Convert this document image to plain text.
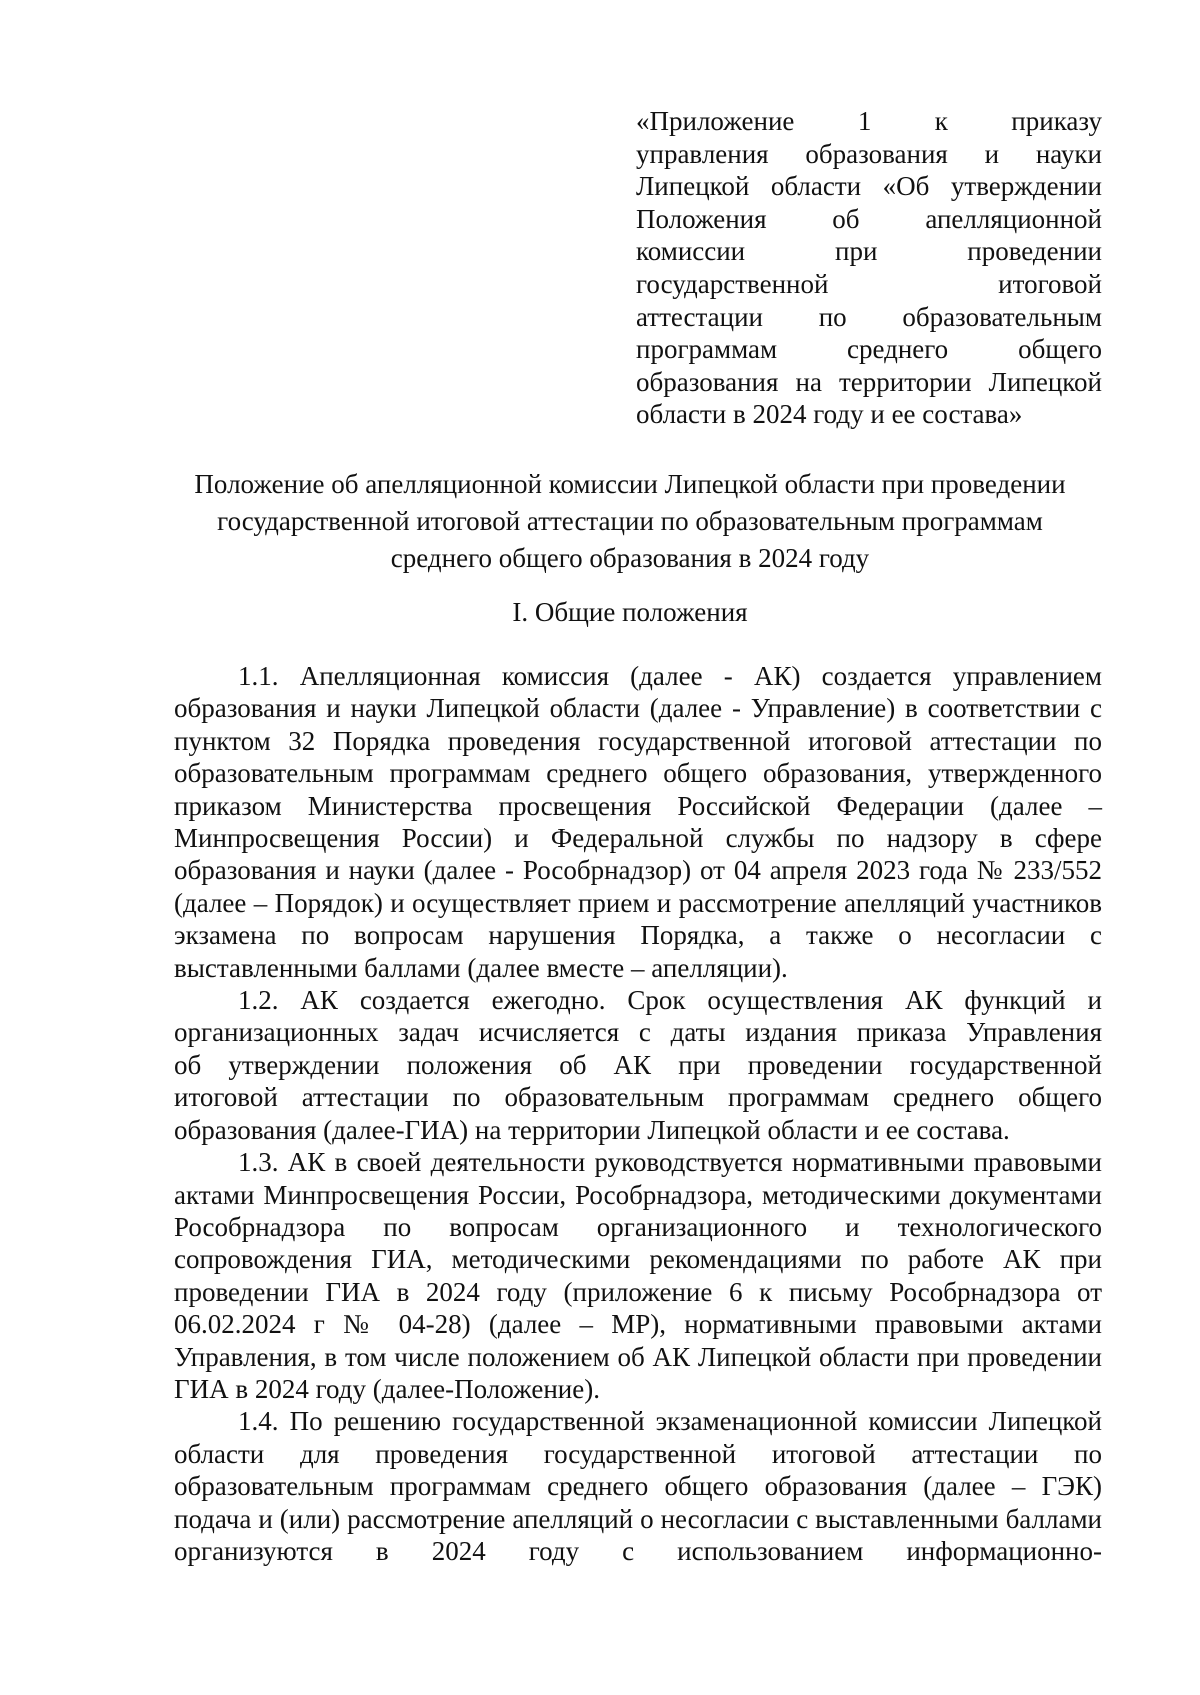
«Приложение 1 к приказу
управления образования и науки
Липецкой области «Об утверждении
Положения об апелляционной
комиссии при проведении
государственной итоговой
аттестации по образовательным
программам среднего общего
образования на территории Липецкой
области в 2024 году и ее состава»
Положение об апелляционной комиссии Липецкой области при проведении
государственной итоговой аттестации по образовательным программам
среднего общего образования в 2024 году
I. Общие положения
1.1. Апелляционная комиссия (далее - АК) создается управлением
образования и науки Липецкой области (далее - Управление) в соответствии с
пунктом 32 Порядка проведения государственной итоговой аттестации по
образовательным программам среднего общего образования, утвержденного
приказом Министерства просвещения Российской Федерации (далее –
Минпросвещения России) и Федеральной службы по надзору в сфере
образования и науки (далее - Рособрнадзор) от 04 апреля 2023 года № 233/552
(далее – Порядок) и осуществляет прием и рассмотрение апелляций участников
экзамена по вопросам нарушения Порядка, а также о несогласии с
выставленными баллами (далее вместе – апелляции).
1.2. АК создается ежегодно. Срок осуществления АК функций и
организационных задач исчисляется с даты издания приказа Управления
об утверждении положения об АК при проведении государственной
итоговой аттестации по образовательным программам среднего общего
образования (далее-ГИА) на территории Липецкой области и ее состава.
1.3. АК в своей деятельности руководствуется нормативными правовыми
актами Минпросвещения России, Рособрнадзора, методическими документами
Рособрнадзора по вопросам организационного и технологического
сопровождения ГИА, методическими рекомендациями по работе АК при
проведении ГИА в 2024 году (приложение 6 к письму Рособрнадзора от
06.02.2024 г № 04-28) (далее – МР), нормативными правовыми актами
Управления, в том числе положением об АК Липецкой области при проведении
ГИА в 2024 году (далее-Положение).
1.4. По решению государственной экзаменационной комиссии Липецкой
области для проведения государственной итоговой аттестации по
образовательным программам среднего общего образования (далее – ГЭК)
подача и (или) рассмотрение апелляций о несогласии с выставленными баллами
организуются в 2024 году с использованием информационно-
